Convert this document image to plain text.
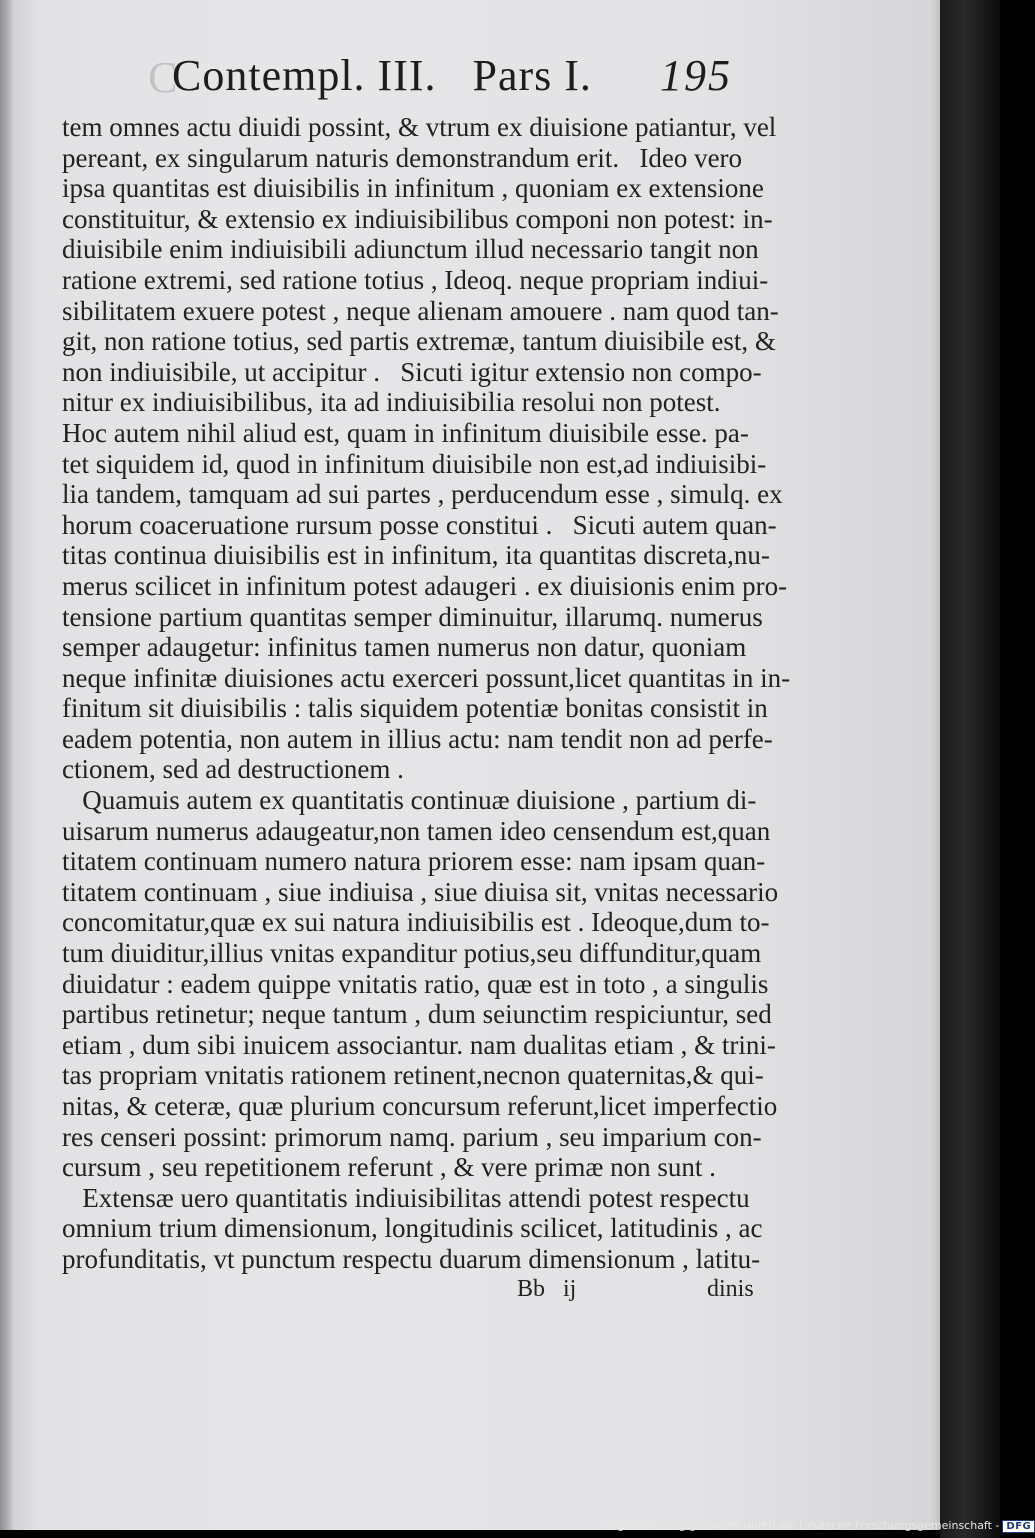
C
Contempl. III.   Pars I. 195
tem omnes actu diuidi possint, & vtrum ex diuisione patiantur, vel
pereant, ex singularum naturis demonstrandum erit.   Ideo vero
ipsa quantitas est diuisibilis in infinitum , quoniam ex extensione
constituitur, & extensio ex indiuisibilibus componi non potest: in-
diuisibile enim indiuisibili adiunctum illud necessario tangit non
ratione extremi, sed ratione totius , Ideoq. neque propriam indiui-
sibilitatem exuere potest , neque alienam amouere . nam quod tan-
git, non ratione totius, sed partis extremæ, tantum diuisibile est, &
non indiuisibile, ut accipitur .   Sicuti igitur extensio non compo-
nitur ex indiuisibilibus, ita ad indiuisibilia resolui non potest.
Hoc autem nihil aliud est, quam in infinitum diuisibile esse. pa-
tet siquidem id, quod in infinitum diuisibile non est,ad indiuisibi-
lia tandem, tamquam ad sui partes , perducendum esse , simulq. ex
horum coaceruatione rursum posse constitui .   Sicuti autem quan-
titas continua diuisibilis est in infinitum, ita quantitas discreta,nu-
merus scilicet in infinitum potest adaugeri . ex diuisionis enim pro-
tensione partium quantitas semper diminuitur, illarumq. numerus
semper adaugetur: infinitus tamen numerus non datur, quoniam
neque infinitæ diuisiones actu exerceri possunt,licet quantitas in in-
finitum sit diuisibilis : talis siquidem potentiæ bonitas consistit in
eadem potentia, non autem in illius actu: nam tendit non ad perfe-
ctionem, sed ad destructionem .
Quamuis autem ex quantitatis continuæ diuisione , partium di-
uisarum numerus adaugeatur,non tamen ideo censendum est,quan
titatem continuam numero natura priorem esse: nam ipsam quan-
titatem continuam , siue indiuisa , siue diuisa sit, vnitas necessario
concomitatur,quæ ex sui natura indiuisibilis est . Ideoque,dum to-
tum diuiditur,illius vnitas expanditur potius,seu diffunditur,quam
diuidatur : eadem quippe vnitatis ratio, quæ est in toto , a singulis
partibus retinetur; neque tantum , dum seiunctim respiciuntur, sed
etiam , dum sibi inuicem associantur. nam dualitas etiam , & trini-
tas propriam vnitatis rationem retinent,necnon quaternitas,& qui-
nitas, & ceteræ, quæ plurium concursum referunt,licet imperfectio
res censeri possint: primorum namq. parium , seu imparium con-
cursum , seu repetitionem referunt , & vere primæ non sunt .
Extensæ uero quantitatis indiuisibilitas attendi potest respectu
omnium trium dimensionum, longitudinis scilicet, latitudinis , ac
profunditatis, vt punctum respectu duarum dimensionum , latitu-
Bb   ij	dinis
Digitalisierung gefördert durch die Deutsche Forschungsgemeinschaft - DFG
